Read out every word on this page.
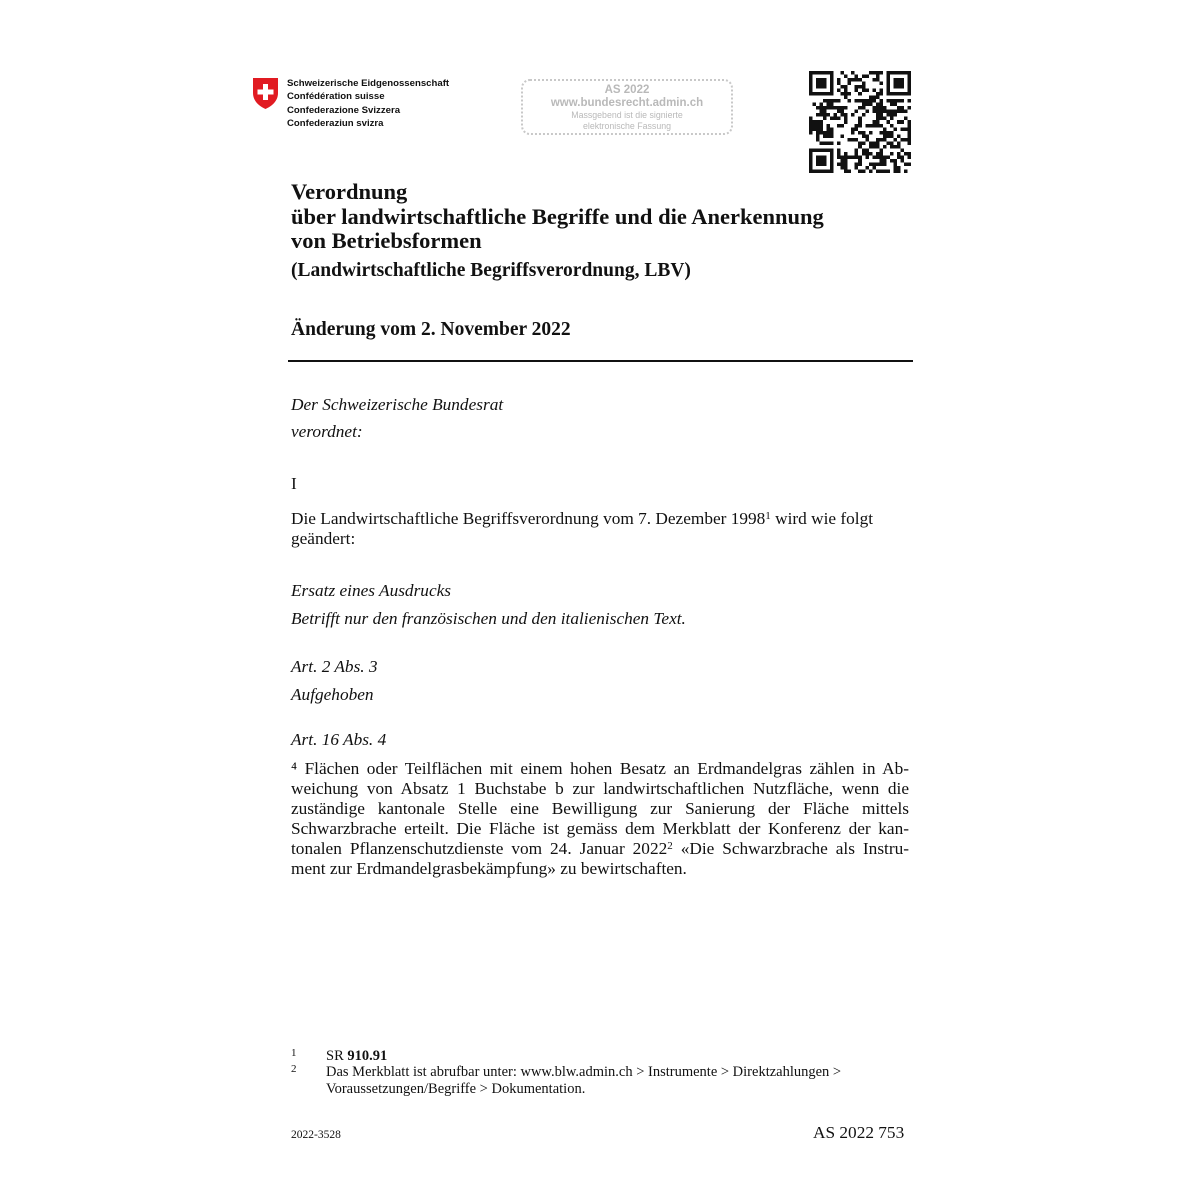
Schweizerische Eidgenossenschaft
Confédération suisse
Confederazione Svizzera
Confederaziun svizra
AS 2022
www.bundesrecht.admin.ch
Massgebend ist die signierte
elektronische Fassung
Verordnung
über landwirtschaftliche Begriffe und die Anerkennung
von Betriebsformen
(Landwirtschaftliche Begriffsverordnung, LBV)
Änderung vom 2. November 2022
Der Schweizerische Bundesrat
verordnet:
I
Die Landwirtschaftliche Begriffsverordnung vom 7. Dezember 1998$^1$ wird wie folgt
geändert:
Ersatz eines Ausdrucks
Betrifft nur den französischen und den italienischen Text.
Art. 2 Abs. 3
Aufgehoben
Art. 16 Abs. 4
⁴ Flächen oder Teilflächen mit einem hohen Besatz an Erdmandelgras zählen in Ab-
weichung von Absatz 1 Buchstabe b zur landwirtschaftlichen Nutzfläche, wenn die
zuständige kantonale Stelle eine Bewilligung zur Sanierung der Fläche mittels
Schwarzbrache erteilt. Die Fläche ist gemäss dem Merkblatt der Konferenz der kan-
tonalen Pflanzenschutzdienste vom 24. Januar 2022$^2$ «Die Schwarzbrache als Instru-
ment zur Erdmandelgrasbekämpfung» zu bewirtschaften.
1 SR 910.91
2 Das Merkblatt ist abrufbar unter: www.blw.admin.ch > Instrumente > Direktzahlungen >
Voraussetzungen/Begriffe > Dokumentation.
2022-3528	AS 2022 753
